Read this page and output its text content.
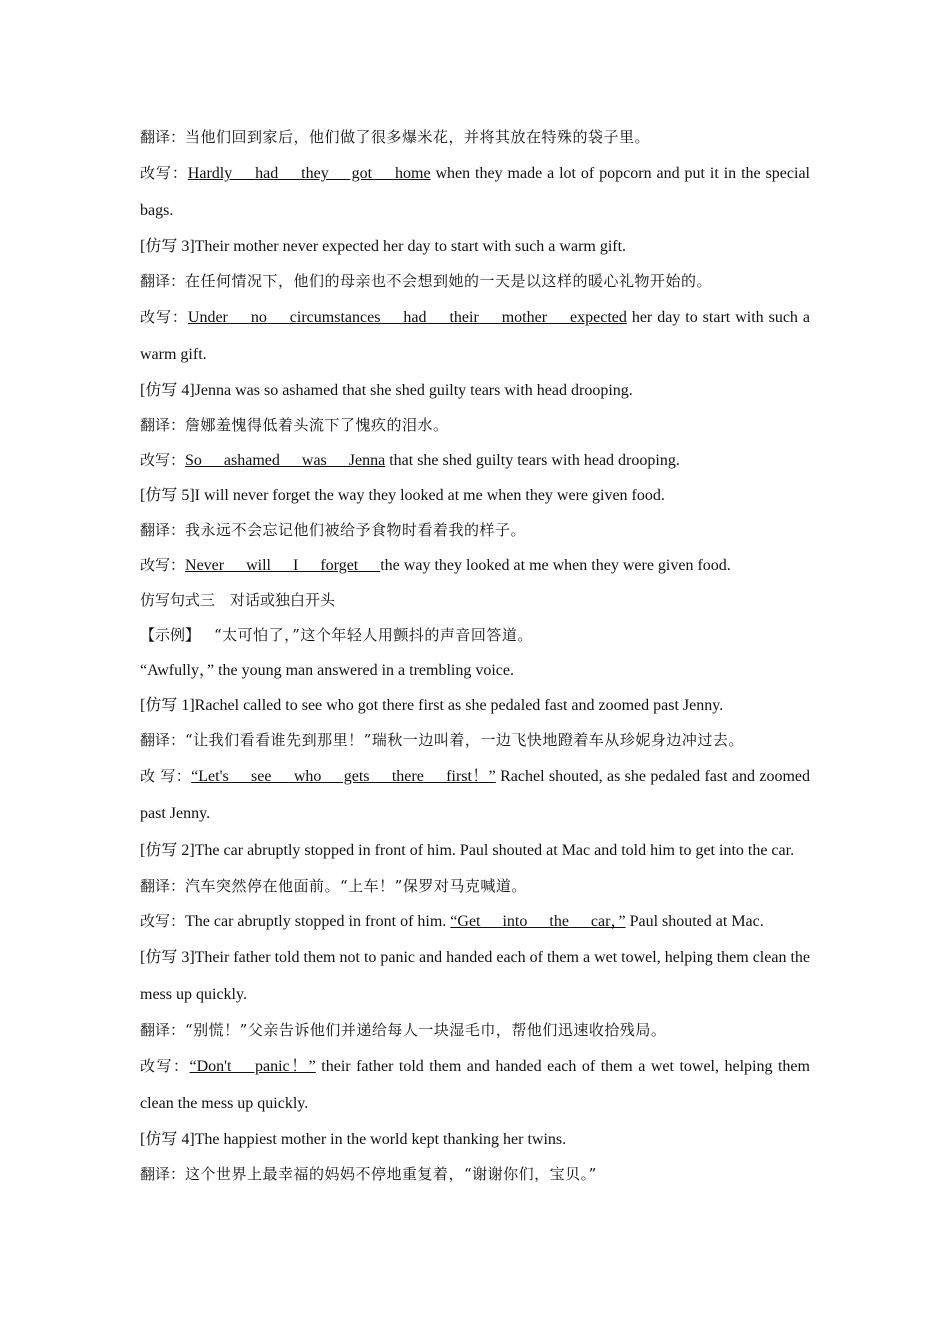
翻译：当他们回到家后，他们做了很多爆米花，并将其放在特殊的袋子里。
改写：Hardly had they got home when they made a lot of popcorn and put it in the special bags.
[仿写 3]Their mother never expected her day to start with such a warm gift.
翻译：在任何情况下，他们的母亲也不会想到她的一天是以这样的暖心礼物开始的。
改写：Under no circumstances had their mother expected her day to start with such a warm gift.
[仿写 4]Jenna was so ashamed that she shed guilty tears with head drooping.
翻译：詹娜羞愧得低着头流下了愧疚的泪水。
改写：So ashamed was Jenna that she shed guilty tears with head drooping.
[仿写 5]I will never forget the way they looked at me when they were given food.
翻译：我永远不会忘记他们被给予食物时看着我的样子。
改写：Never will I forget the way they looked at me when they were given food.
仿写句式三　对话或独白开头
【示例】 “太可怕了，”这个年轻人用颤抖的声音回答道。
“Awfully，” the young man answered in a trembling voice.
[仿写 1]Rachel called to see who got there first as she pedaled fast and zoomed past Jenny.
翻译：“让我们看看谁先到那里！”瑞秋一边叫着，一边飞快地蹬着车从珍妮身边冲过去。
改 写：“Let's see who gets there first！” Rachel shouted, as she pedaled fast and zoomed past Jenny.
[仿写 2]The car abruptly stopped in front of him. Paul shouted at Mac and told him to get into the car.
翻译：汽车突然停在他面前。“上车！”保罗对马克喊道。
改写：The car abruptly stopped in front of him. “Get into the car，” Paul shouted at Mac.
[仿写 3]Their father told them not to panic and handed each of them a wet towel, helping them clean the mess up quickly.
翻译：“别慌！”父亲告诉他们并递给每人一块湿毛巾，帮他们迅速收拾残局。
改写：“Don't panic！” their father told them and handed each of them a wet towel, helping them clean the mess up quickly.
[仿写 4]The happiest mother in the world kept thanking her twins.
翻译：这个世界上最幸福的妈妈不停地重复着，“谢谢你们，宝贝。”
